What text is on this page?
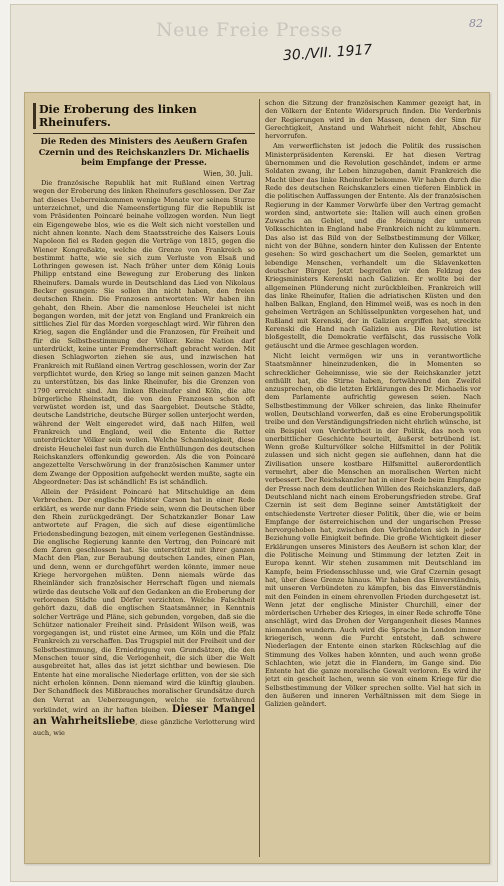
Neue Freie Presse	82
30./VII. 1917
Die Eroberung des linken Rheinufers.
Die Reden des Ministers des Aeußern Grafen Czernin und des Reichskanzlers Dr. Michaelis beim Empfange der Presse.
Wien, 30. Juli.

Die französische Republik hat mit Rußland einen Vertrag wegen der Eroberung des linken Rheinufers geschlossen. Der Zar hat dieses Ueberreinkommen wenige Monate vor seinem Sturze unterzeichnet, und die Nameensfertigung für die Republik ist vom Präsidenten Poincaré beinahe vollzogen worden. Nun liegt ein Eigengewebe blos, wie es die Welt sich nicht vorstellen und nicht ahnen konnte. Nach dem Staatsstreiche des Kaisers Louis Napoleon fiel es Reden gegen die Verträge von 1815, gegen die Wiener Kongreßakte, welche die Grenze von Frankreich so bestimmt hatte, wie sie sich zum Verluste von Elsaß und Lothringen gewesen ist. Nach früher unter dem König Louis Philipp entstand eine Bewegung zur Eroberung des linken Rheinufers. Damals wurde in Deutschland das Lied von Nikolaus Becker gesungen: Sie sollen ihn nicht haben, den freien deutschen Rhein. Die Franzosen antworteten: Wir haben ihn gehabt, den Rhein. Aber die namenlose Heuchelei ist nicht begangen worden, mit der jetzt von England und Frankreich ein sittliches Ziel für das Morden vorgeschlagt wird. Wir führen den Krieg, sagen die Engländer und die Franzosen, für Freiheit und für die Selbstbestimmung der Völker. Keine Nation darf unterdrückt, keine unter Fremdherrschaft gebracht werden. Mit diesen Schlagworten ziehen sie aus, und inzwischen hat Frankreich mit Rußland einen Vertrag geschlossen, worin der Zar verpflichtet wurde, den Krieg so lange mit seinen ganzen Macht zu unterstützen, bis das linke Rheinufer, bis die Grenzen von 1790 erreicht sind. Am linken Rheinufer sind Köln, die alte bürgerliche Rheinstadt, die von den Franzosen schon oft verwüstet worden ist, und das Saargebiet. Deutsche Städte, deutsche Landstriche, deutsche Bürger sollen unterjocht werden, während der Welt eingeredet wird, daß nach Hilfen, weil Frankreich und England, weil die Entente die Retter unterdrückter Völker sein wollen. Welche Schamlosigkeit, diese dreiste Heuchelei fast nun durch die Enthüllungen des deutschen Reichskanzlers offenkundig geworden. Als die von Poincaré angezettelte Verschwörung in der französischen Kammer unter dem Zwange der Opposition aufgeheckt werden mußte, sagte ein Abgeordneter: Das ist schändlich! Es ist schändlich.

Allein der Präsident Poincaré hat Mitschuldige an dem Verbrechen. Der englische Minister Carson hat in einer Rede erklärt, es werde nur dann Friede sein, wenn die Deutschen über den Rhein zurückgedrängt. Der Schatzkanzler Bonar Law antwortete auf Fragen, die sich auf diese eigentümliche Friedensbedingung bezogen, mit einem verlegenen Geständnisse. Die englische Regierung kannte den Vertrag, den Poincaré mit dem Zaren geschlossen hat. Sie unterstützt mit ihrer ganzen Macht den Plan, zur Beraubung deutschen Landes, einen Plan, und denn, wenn er durchgeführt werden könnte, immer neue Kriege hervorgehen müßten. Denn niemals würde das Rheinländer sich französischer Herrschaft fügen und niemals würde das deutsche Volk auf den Gedanken an die Eroberung der verlorenen Städte und Dörfer verzichten. Welche Falschheit gehört dazu, daß die englischen Staatsmänner, in Kenntnis solcher Verträge und Pläne, sich gebunden, vorgeben, daß sie die Schützer nationaler Freiheit sind. Präsident Wilson weiß, was vorgegangen ist, und rüstet eine Armee, um Köln und die Pfalz Frankreich zu verschaffen. Das Trugspiel mit der Freiheit und der Selbstbestimmung, die Erniedrigung von Grundsätzen, die den Menschen teuer sind, die Verlogenheit, die sich über die Welt ausgebreitet hat, alles das ist jetzt sichtbar und bewiesen. Die Entente hat eine moralische Niederlage erlitten, von der sie sich nicht erholen können. Denn niemand wird die künftig glauben. Der Schandfleck des Mißbrauches moralischer Grundsätze durch den Verrat an Ueberzeugungen, welche sie fortwährend verkündet, wird an ihr haften bleiben. Dieser Mangel an Wahrheitsliebe, diese gänzliche Verlotterung wird auch, wie

schon die Sitzung der französischen Kammer gezeigt hat, in den Völkern der Entente Widerspruch finden. Die Verderbnis der Regierungen wird in den Massen, denen der Sinn für Gerechtigkeit, Anstand und Wahrheit nicht fehlt, Abscheu hervorrufen.

Am verwerflichsten ist jedoch die Politik des russischen Ministerpräsidenten Kerenski. Er hat diesen Vertrag übernommen und die Revolution geschändet, indem er arme Soldaten zwang, ihr Leben hinzugeben, damit Frankreich die Macht über das linke Rheinufer bekomme. Wir haben durch die Rede des deutschen Reichskanzlers einen tieferen Einblick in die politischen Auffassungen der Entente. Als der französischen Regierung in der Kammer Vorwürfe über den Vertrag gemacht worden sind, antwortete sie: Italien will auch einen großen Zuwachs an Gebiet, und die Meinung der unteren Volksschichten in England habe Frankreich nicht zu kümmern. Das also ist das Bild von der Selbstbestimmung der Völker, nicht von der Bühne, sondern hinter den Kulissen der Entente gesehen: So wird geschachert um die Seelen, gemarktet um lebendige Menschen, verhandelt um die Sklavenketten deutscher Bürger. Jetzt begreifen wir den Feldzug des Kriegsministers Kerenski nach Galizien. Er wollte bei der allgemeinen Plünderung nicht zurückbleiben. Frankreich will das linke Rheinufer, Italien die adriatischen Küsten und den halben Balkan, England, den Himmel weiß, was es noch in den geheimen Verträgen an Schlüsselpunkten vorgesehen hat, und Rußland mit Kerenski, der in Galizien ergriffen hat, streckte Kerenski die Hand nach Galizien aus. Die Revolution ist bloßgestellt, die Demokratie verfälscht, das russische Volk getäuscht und die Armee geschlagen worden.

Nicht leicht vermögen wir uns in verantwortliche Staatsmänner hineinzudenken, die in Momenten so schrecklicher Geheimnisse, wie sie der Reichskanzler jetzt enthüllt hat, die Stirne haben, fortwährend den Zweifel anzusprechen, ob die letzten Erklärungen des Dr. Michaelis vor dem Parlamente aufrichtig gewesen seien. Nach Selbstbestimmung der Völker schreien, das linke Rheinufer wollen, Deutschland vorwerfen, daß es eine Eroberungspolitik treibe und den Verständigungsfrieden nicht ehrlich wünsche, ist ein Beispiel von Verderbtheit in der Politik, das noch von unerbittlicher Geschichte beurteilt, äußerst betrübend ist. Wenn große Kulturvölker solche Hilfsmittel in der Politik zulassen und sich nicht gegen sie auflehnen, dann hat die Zivilisation unsere kostbare Hilfsmittel außerordentlich vermehrt, aber die Menschen an moralischen Werten nicht verbessert. Der Reichskanzler hat in einer Rede beim Empfange der Presse nach dem deutlichen Willen des Reichskanzlers, daß Deutschland nicht nach einem Eroberungsfrieden strebe. Graf Czernin ist seit dem Beginne seiner Amtstätigkeit der entschiedenste Vertreter dieser Politik, über die, wie er beim Empfange der österreichischen und der ungarischen Presse hervorgehoben hat, zwischen den Verbündeten sich in jeder Beziehung volle Einigkeit befinde. Die große Wichtigkeit dieser Erklärungen unseres Ministers des Aeußern ist schon klar, der die Politische Meinung und Stimmung der letzten Zeit in Europa kennt. Wir stehen zusammen mit Deutschland im Kampfe, beim Friedensschlusse und, wie Graf Czernin gesagt hat, über diese Grenze hinaus. Wir haben das Einverständnis, mit unseren Verbündeten zu kämpfen, bis das Einverständnis mit den Feinden in einem ehrenvollen Frieden durchgesetzt ist. Wenn jetzt der englische Minister Churchill, einer der mörderischen Urheber des Krieges, in einer Rede schroffe Töne anschlägt, wird das Drohen der Vergangenheit dieses Mannes niemanden wundern. Auch wird die Sprache in London immer kriegerisch, wenn die Furcht entsteht, daß schwere Niederlagen der Entente einen starken Rückschlag auf die Stimmung des Volkes haben könnten, und auch wenn große Schlachten, wie jetzt die in Flandern, im Gange sind. Die Entente hat die ganze moralische Gewalt verloren. Es wird ihr jetzt ein gescheit lachen, wenn sie von einem Kriege für die Selbstbestimmung der Völker sprechen sollte. Viel hat sich in den äußeren und inneren Verhältnissen mit dem Siege in Galizien geändert.
